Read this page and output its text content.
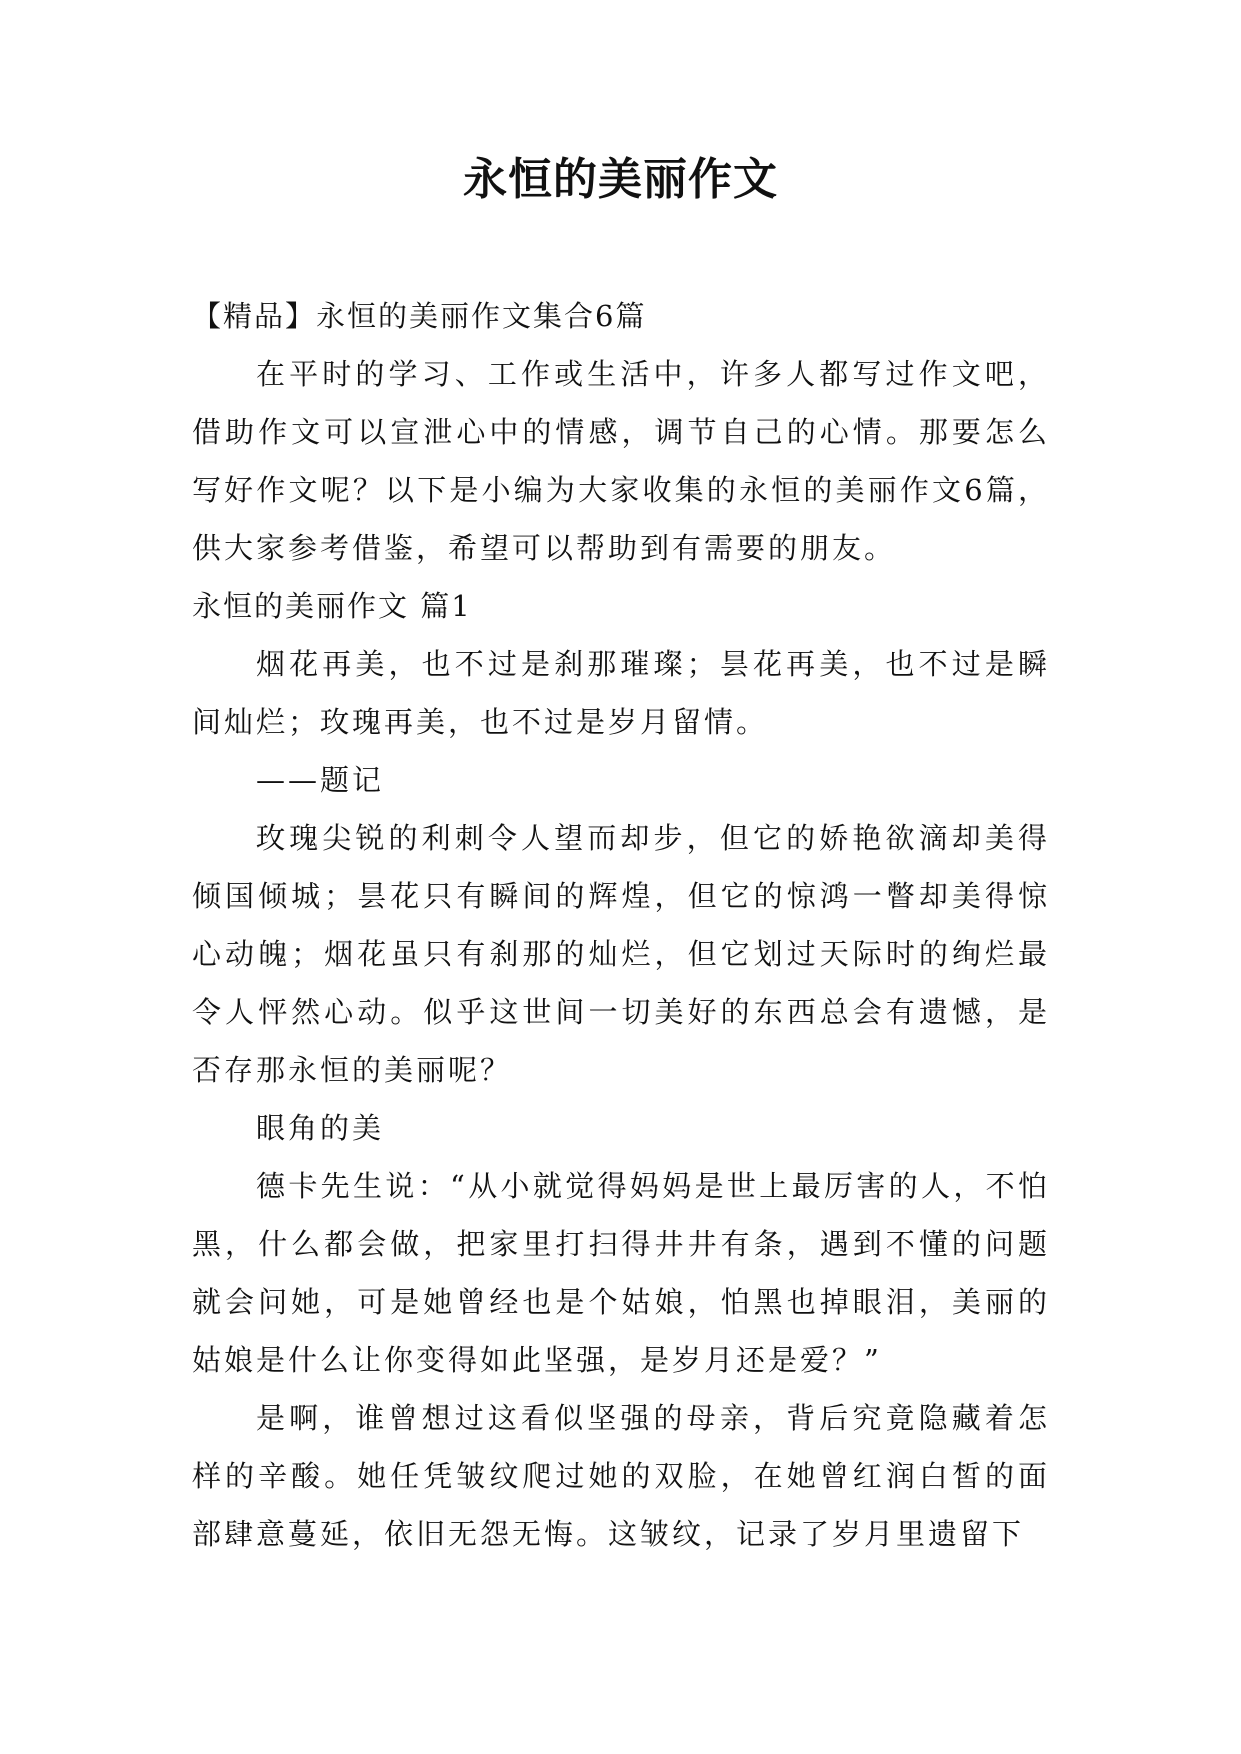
永恒的美丽作文

【精品】永恒的美丽作文集合6篇

在平时的学习、工作或生活中，许多人都写过作文吧，借助作文可以宣泄心中的情感，调节自己的心情。那要怎么写好作文呢？以下是小编为大家收集的永恒的美丽作文6篇，供大家参考借鉴，希望可以帮助到有需要的朋友。

永恒的美丽作文 篇1

烟花再美，也不过是刹那璀璨；昙花再美，也不过是瞬间灿烂；玫瑰再美，也不过是岁月留情。

——题记

玫瑰尖锐的利刺令人望而却步，但它的娇艳欲滴却美得倾国倾城；昙花只有瞬间的辉煌，但它的惊鸿一瞥却美得惊心动魄；烟花虽只有刹那的灿烂，但它划过天际时的绚烂最令人怦然心动。似乎这世间一切美好的东西总会有遗憾，是否存那永恒的美丽呢？

眼角的美

德卡先生说：“从小就觉得妈妈是世上最厉害的人，不怕黑，什么都会做，把家里打扫得井井有条，遇到不懂的问题就会问她，可是她曾经也是个姑娘，怕黑也掉眼泪，美丽的姑娘是什么让你变得如此坚强，是岁月还是爱？”

是啊，谁曾想过这看似坚强的母亲，背后究竟隐藏着怎样的辛酸。她任凭皱纹爬过她的双脸，在她曾红润白皙的面部肆意蔓延，依旧无怨无悔。这皱纹，记录了岁月里遗留下
